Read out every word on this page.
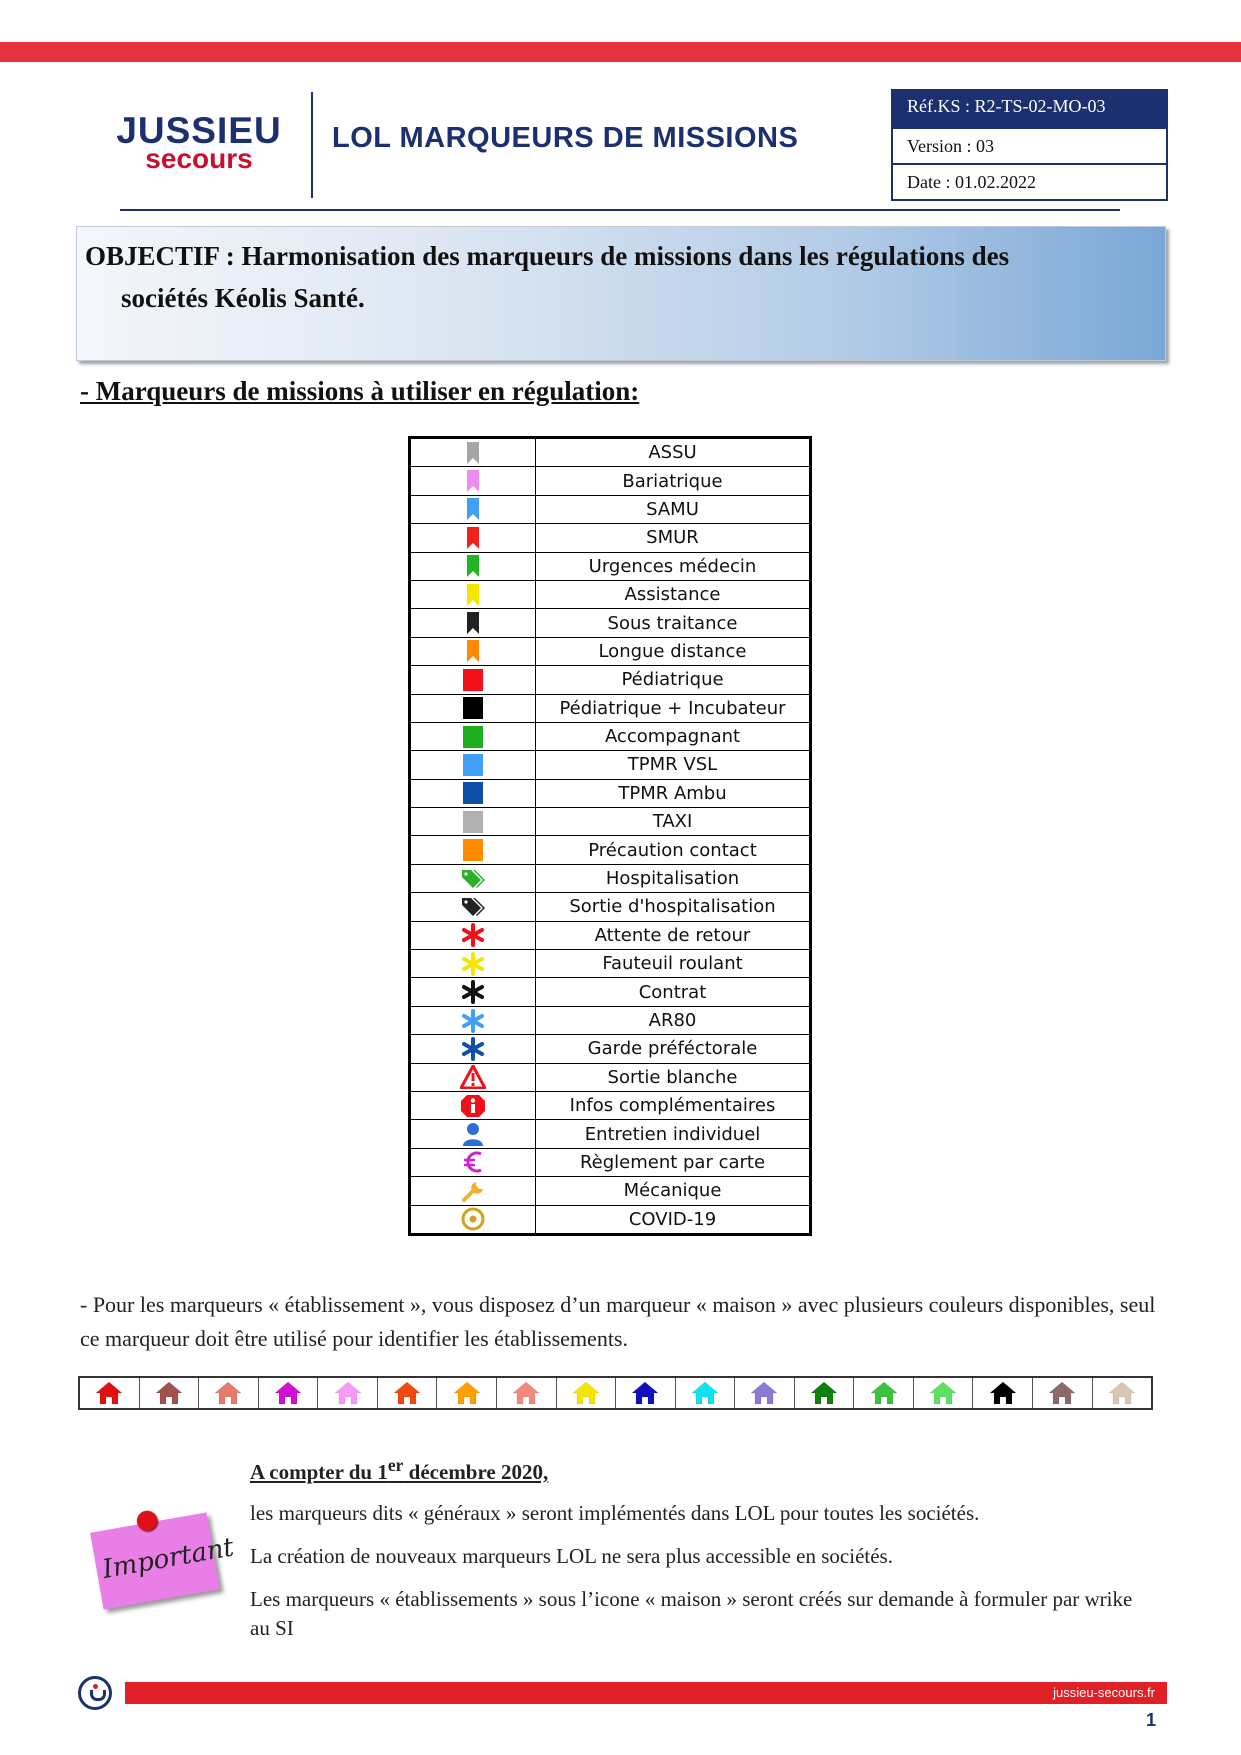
JUSSIEU
secours
LOL MARQUEURS DE MISSIONS
Réf.KS : R2-TS-02-MO-03
Version : 03
Date : 01.02.2022
OBJECTIF : Harmonisation des marqueurs de missions dans les régulations des
sociétés Kéolis Santé.
- Marqueurs de missions à utiliser en régulation:
	ASSU

	Bariatrique

	SAMU

	SMUR

	Urgences médecin

	Assistance

	Sous traitance

	Longue distance

	Pédiatrique

	Pédiatrique + Incubateur

	Accompagnant

	TPMR VSL

	TPMR Ambu

	TAXI

	Précaution contact

	Hospitalisation

	Sortie d'hospitalisation

	Attente de retour

	Fauteuil roulant

	Contrat

	AR80

	Garde préféctorale

	Sortie blanche

	Infos complémentaires

	Entretien individuel

	Règlement par carte

	Mécanique

	COVID-19
- Pour les marqueurs « établissement », vous disposez d’un marqueur « maison » avec plusieurs couleurs disponibles, seul ce marqueur doit être utilisé pour identifier les établissements.
Important
A compter du 1er décembre 2020,

les marqueurs dits « généraux » seront implémentés dans LOL pour toutes les sociétés.

La création de nouveaux marqueurs LOL ne sera plus accessible en sociétés.

Les marqueurs « établissements » sous l’icone « maison » seront créés sur demande à formuler par wrike au SI

jussieu-secours.fr
1
